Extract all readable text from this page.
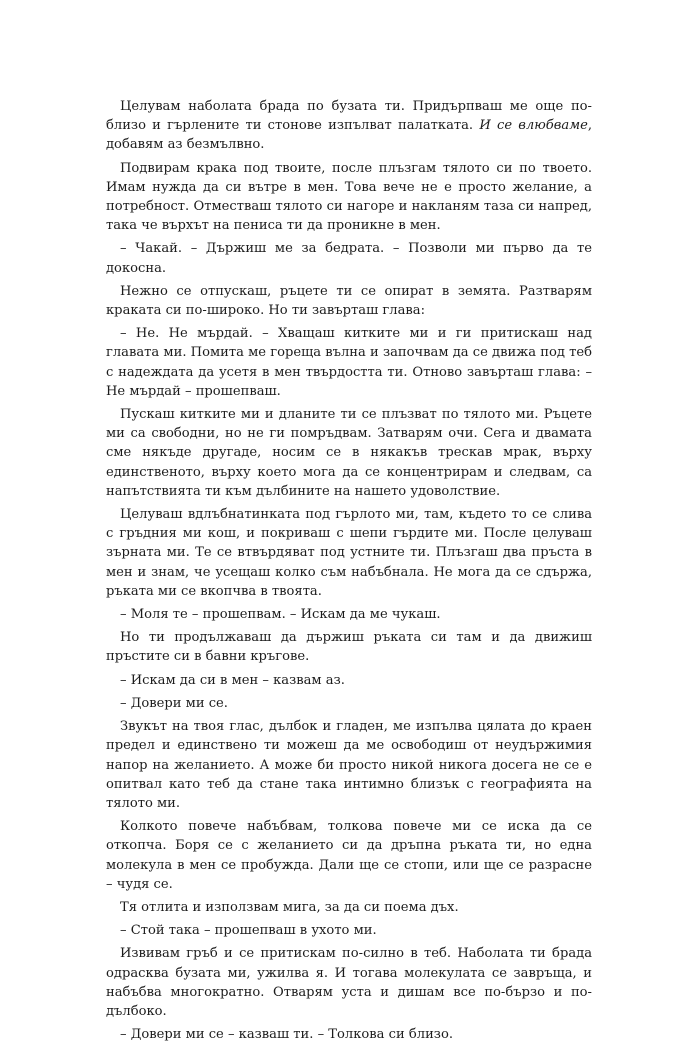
Целувам наболата брада по бузата ти. Придърпваш ме още по-близо и гърлените ти стонове изпълват палатката. И се влюбваме, добавям аз безмълвно.

Подвирам крака под твоите, после плъзгам тялото си по твоето. Имам нужда да си вътре в мен. Това вече не е просто желание, а потребност. Отместваш тялото си нагоре и накланям таза си напред, така че върхът на пениса ти да проникне в мен.

– Чакай. – Държиш ме за бедрата. – Позволи ми първо да те докосна.

Нежно се отпускаш, ръцете ти се опират в земята. Разтварям краката си по-широко. Но ти завърташ глава:

– Не. Не мърдай. – Хващаш китките ми и ги притискаш над главата ми. Помита ме гореща вълна и започвам да се движа под теб с надеждата да усетя в мен твърдостта ти. Отново завърташ глава: – Не мърдай – прошепваш.

Пускаш китките ми и дланите ти се плъзват по тялото ми. Ръцете ми са свободни, но не ги помръдвам. Затварям очи. Сега и двамата сме някъде другаде, носим се в някакъв трескав мрак, върху единственото, върху което мога да се концентрирам и следвам, са напътствията ти към дълбините на нашето удоволствие.

Целуваш вдлъбнатинката под гърлото ми, там, където то се слива с гръдния ми кош, и покриваш с шепи гърдите ми. После целуваш зърната ми. Те се втвърдяват под устните ти. Плъзгаш два пръста в мен и знам, че усещаш колко съм набъбнала. Не мога да се сдържа, ръката ми се вкопчва в твоята.

– Моля те – прошепвам. – Искам да ме чукаш.

Но ти продължаваш да държиш ръката си там и да движиш пръстите си в бавни кръгове.

– Искам да си в мен – казвам аз.

– Довери ми се.

Звукът на твоя глас, дълбок и гладен, ме изпълва цялата до краен предел и единствено ти можеш да ме освободиш от неудържимия напор на желанието. А може би просто никой никога досега не се е опитвал като теб да стане така интимно близък с географията на тялото ми.

Колкото повече набъбвам, толкова повече ми се иска да се откопча. Боря се с желанието си да дръпна ръката ти, но една молекула в мен се пробужда. Дали ще се стопи, или ще се разрасне – чудя се.

Тя отлита и използвам мига, за да си поема дъх.

– Стой така – прошепваш в ухото ми.

Извивам гръб и се притискам по-силно в теб. Наболата ти брада одрасква бузата ми, ужилва я. И тогава молекулата се завръща, и набъбва многократно. Отварям уста и дишам все по-бързо и по-дълбоко.

– Довери ми се – казваш ти. – Толкова си близо.
